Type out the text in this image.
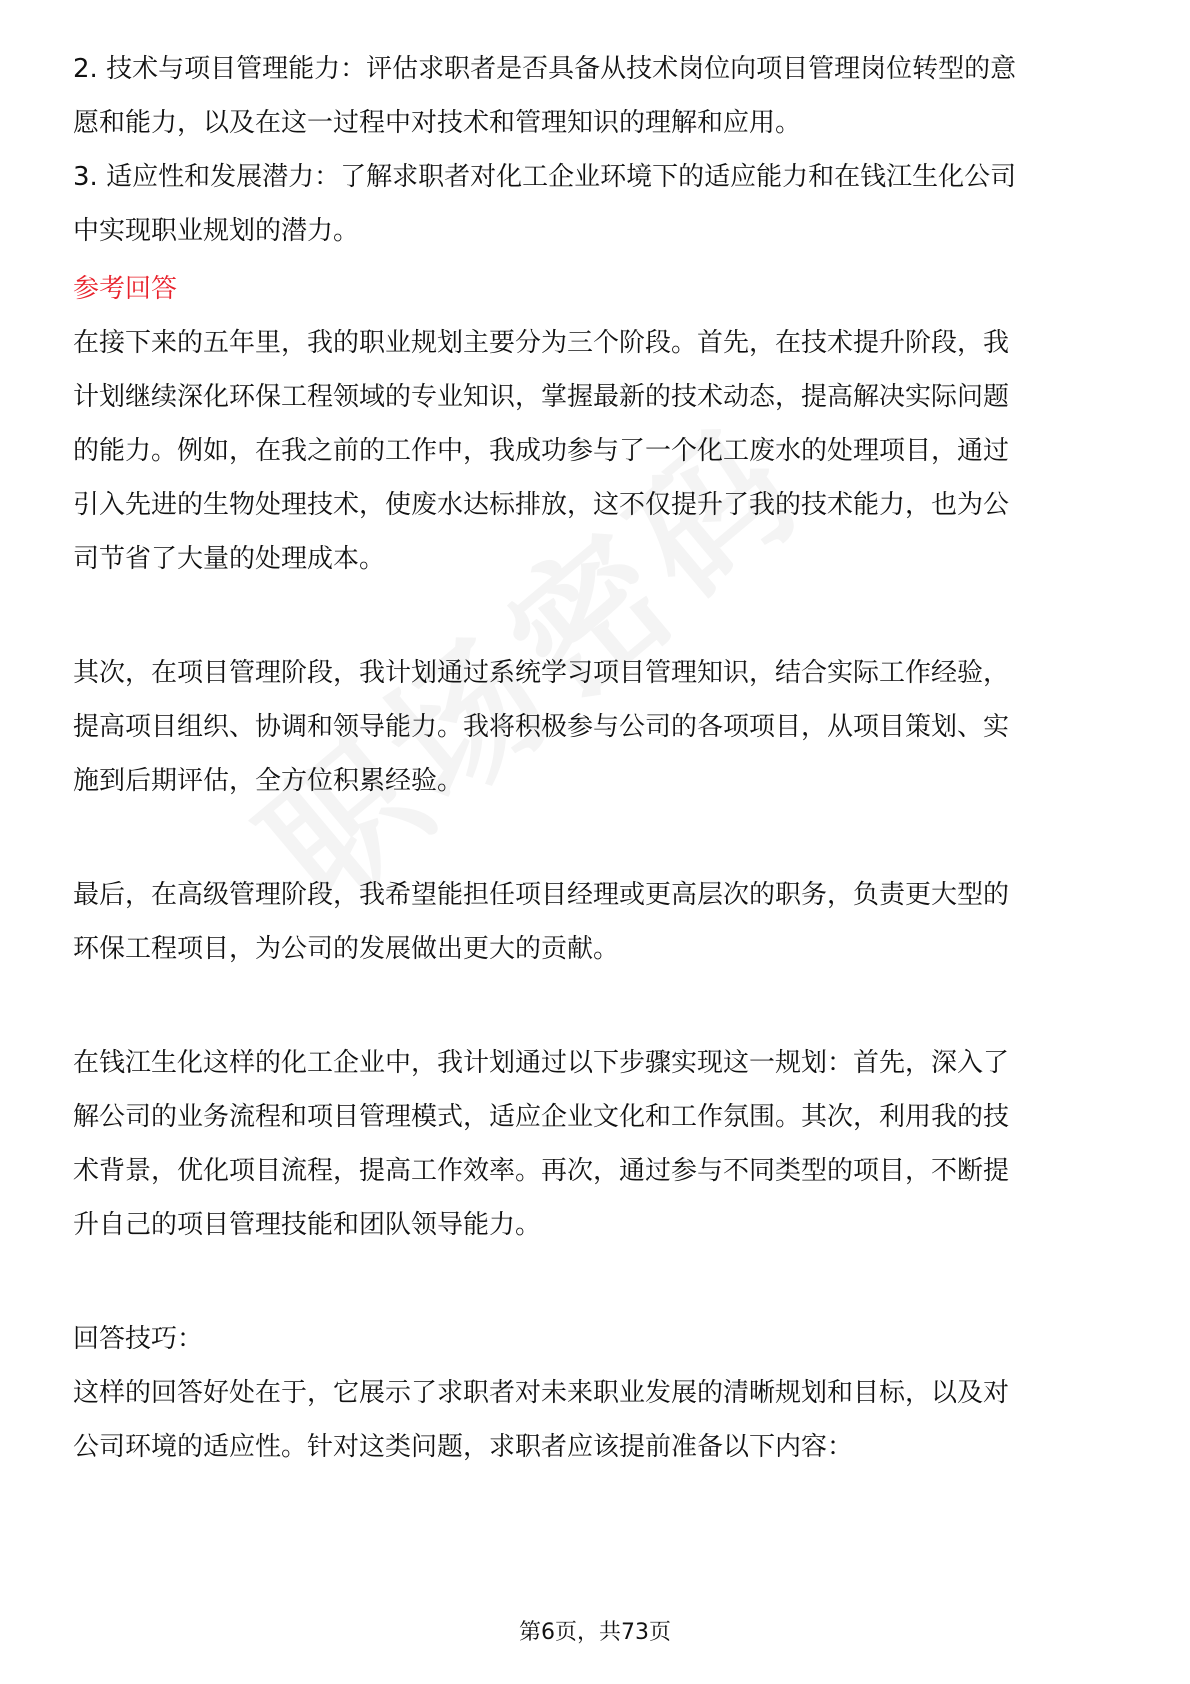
2. 技术与项目管理能力：评估求职者是否具备从技术岗位向项目管理岗位转型的意

愿和能力，以及在这一过程中对技术和管理知识的理解和应用。

3. 适应性和发展潜力：了解求职者对化工企业环境下的适应能力和在钱江生化公司

中实现职业规划的潜力。

参考回答

在接下来的五年里，我的职业规划主要分为三个阶段。首先，在技术提升阶段，我

计划继续深化环保工程领域的专业知识，掌握最新的技术动态，提高解决实际问题

的能力。例如，在我之前的工作中，我成功参与了一个化工废水的处理项目，通过

引入先进的生物处理技术，使废水达标排放，这不仅提升了我的技术能力，也为公

司节省了大量的处理成本。

其次，在项目管理阶段，我计划通过系统学习项目管理知识，结合实际工作经验，

提高项目组织、协调和领导能力。我将积极参与公司的各项项目，从项目策划、实

施到后期评估，全方位积累经验。

最后，在高级管理阶段，我希望能担任项目经理或更高层次的职务，负责更大型的

环保工程项目，为公司的发展做出更大的贡献。

在钱江生化这样的化工企业中，我计划通过以下步骤实现这一规划：首先，深入了

解公司的业务流程和项目管理模式，适应企业文化和工作氛围。其次，利用我的技

术背景，优化项目流程，提高工作效率。再次，通过参与不同类型的项目，不断提

升自己的项目管理技能和团队领导能力。

回答技巧：

这样的回答好处在于，它展示了求职者对未来职业发展的清晰规划和目标，以及对

公司环境的适应性。针对这类问题，求职者应该提前准备以下内容：

第6页，共73页
